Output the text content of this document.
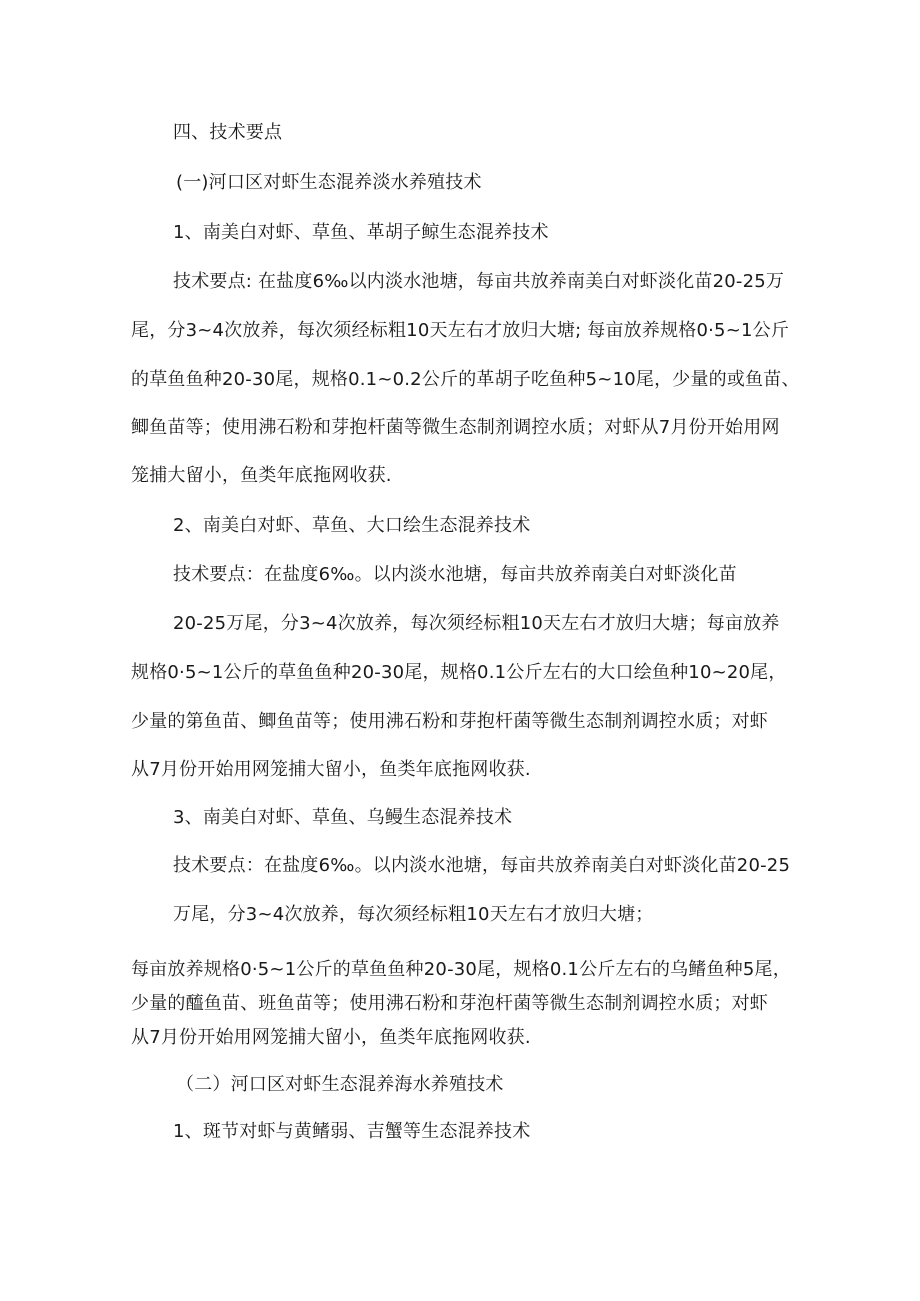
四、技术要点
(一)河口区对虾生态混养淡水养殖技术
1、南美白对虾、草鱼、革胡子鲸生态混养技术
技术要点: 在盐度6‰以内淡水池塘，每亩共放养南美白对虾淡化苗20-25万
尾，分3~4次放养，每次须经标粗10天左右才放归大塘; 每亩放养规格0·5~1公斤
的草鱼鱼种20-30尾，规格0.1~0.2公斤的革胡子吃鱼种5~10尾，少量的或鱼苗、
鲫鱼苗等；使用沸石粉和芽抱杆菌等微生态制剂调控水质；对虾从7月份开始用网
笼捕大留小，鱼类年底拖网收获.
2、南美白对虾、草鱼、大口绘生态混养技术
技术要点：在盐度6‰。以内淡水池塘，每亩共放养南美白对虾淡化苗
20-25万尾，分3~4次放养，每次须经标粗10天左右才放归大塘；每亩放养
规格0·5~1公斤的草鱼鱼种20-30尾，规格0.1公斤左右的大口绘鱼种10~20尾，
少量的第鱼苗、鲫鱼苗等；使用沸石粉和芽抱杆菌等微生态制剂调控水质；对虾
从7月份开始用网笼捕大留小，鱼类年底拖网收获.
3、南美白对虾、草鱼、乌鳗生态混养技术
技术要点：在盐度6‰。以内淡水池塘，每亩共放养南美白对虾淡化苗20-25
万尾，分3~4次放养，每次须经标粗10天左右才放归大塘；
每亩放养规格0·5~1公斤的草鱼鱼种20-30尾，规格0.1公斤左右的乌鳍鱼种5尾，
少量的醯鱼苗、班鱼苗等；使用沸石粉和芽泡杆菌等微生态制剂调控水质；对虾
从7月份开始用网笼捕大留小，鱼类年底拖网收获.
（二）河口区对虾生态混养海水养殖技术
1、斑节对虾与黄鳍弱、吉蟹等生态混养技术
